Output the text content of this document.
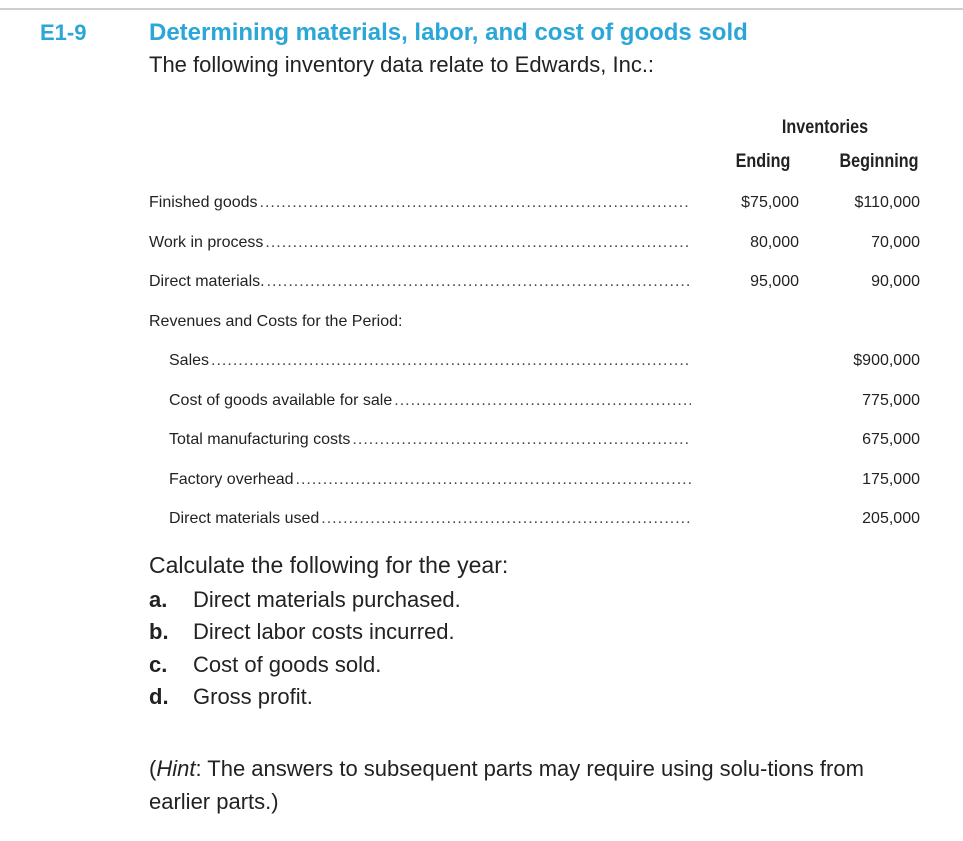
E1-9	Determining materials, labor, and cost of goods sold
The following inventory data relate to Edwards, Inc.:
Inventories
Ending	Beginning
Finished goods .....	$75,000	$110,000
Work in process .....	80,000	70,000
Direct materials. .....	95,000	90,000
Revenues and Costs for the Period:
Sales .....	$900,000
Cost of goods available for sale .....	775,000
Total manufacturing costs .....	675,000
Factory overhead .....	175,000
Direct materials used .....	205,000
Calculate the following for the year:
a. Direct materials purchased.
b. Direct labor costs incurred.
c. Cost of goods sold.
d. Gross profit.
(Hint: The answers to subsequent parts may require using solu-tions from earlier parts.)
